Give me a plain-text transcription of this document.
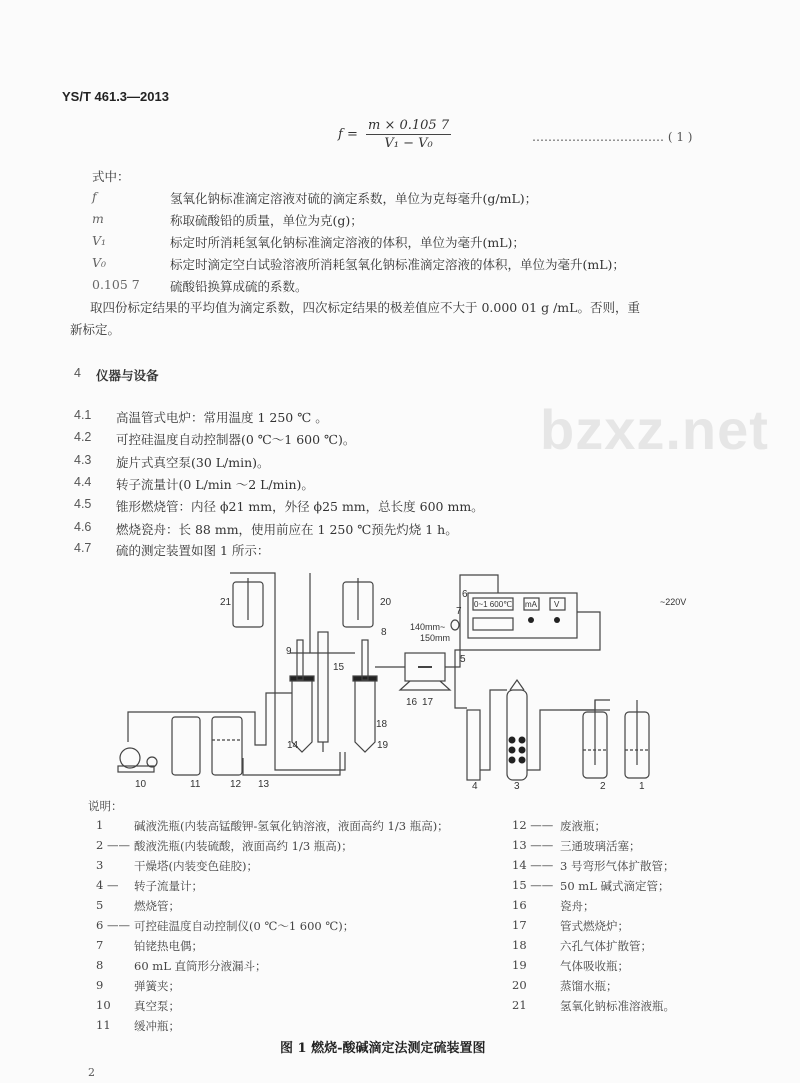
YS/T 461.3—2013
$f = \frac{m \times 0.105 7}{\text{V₁ − V₀}}$	…………………………… ( 1 )
式中：
f	氢氧化钠标准滴定溶液对硫的滴定系数，单位为克每毫升(g/mL)；
m	称取硫酸铅的质量，单位为克(g)；
V₁	标定时所消耗氢氧化钠标准滴定溶液的体积，单位为毫升(mL)；
V₀	标定时滴定空白试验溶液所消耗氢氧化钠标准滴定溶液的体积，单位为毫升(mL)；
0.105 7 硫酸铅换算成硫的系数。
取四份标定结果的平均值为滴定系数，四次标定结果的极差值应不大于 0.000 01 g /mL。否则，重
新标定。
4 仪器与设备
bzxz.net
4.1 高温管式电炉：常用温度 1 250 ℃ 。
4.2 可控硅温度自动控制器(0 ℃～1 600 ℃)。
4.3 旋片式真空泵(30 L/min)。
4.4 转子流量计(0 L/min ～2 L/min)。
4.5 锥形燃烧管：内径 ϕ21 mm，外径 ϕ25 mm，总长度 600 mm。
4.6 燃烧瓷舟：长 88 mm，使用前应在 1 250 ℃预先灼烧 1 h。
4.7 硫的测定装置如图 1 所示：
0~1 600℃ mA V	~220V
140mm~
150mm
1
2
3
4
5
6
7
8
9
10	11	12 13
14
15
16 17
18
19
20
21
说明：
1	碱液洗瓶(内装高锰酸钾-氢氧化钠溶液，液面高约 1/3 瓶高)；
2 —— 酸液洗瓶(内装硫酸，液面高约 1/3 瓶高)；
3	干燥塔(内装变色硅胶)；
4 — 转子流量计；
5	燃烧管；
6 —— 可控硅温度自动控制仪(0 ℃～1 600 ℃)；
7	铂铑热电偶；
8	60 mL 直筒形分液漏斗；
9	弹簧夹；
10 真空泵；
11 缓冲瓶；
12 —— 废液瓶；
13 —— 三通玻璃活塞；
14 —— 3 号弯形气体扩散管；
15 —— 50 mL 碱式滴定管；
16	瓷舟；
17	管式燃烧炉；
18	六孔气体扩散管；
19	气体吸收瓶；
20	蒸馏水瓶；
21	氢氧化钠标准溶液瓶。
图 1 燃烧-酸碱滴定法测定硫装置图
2
